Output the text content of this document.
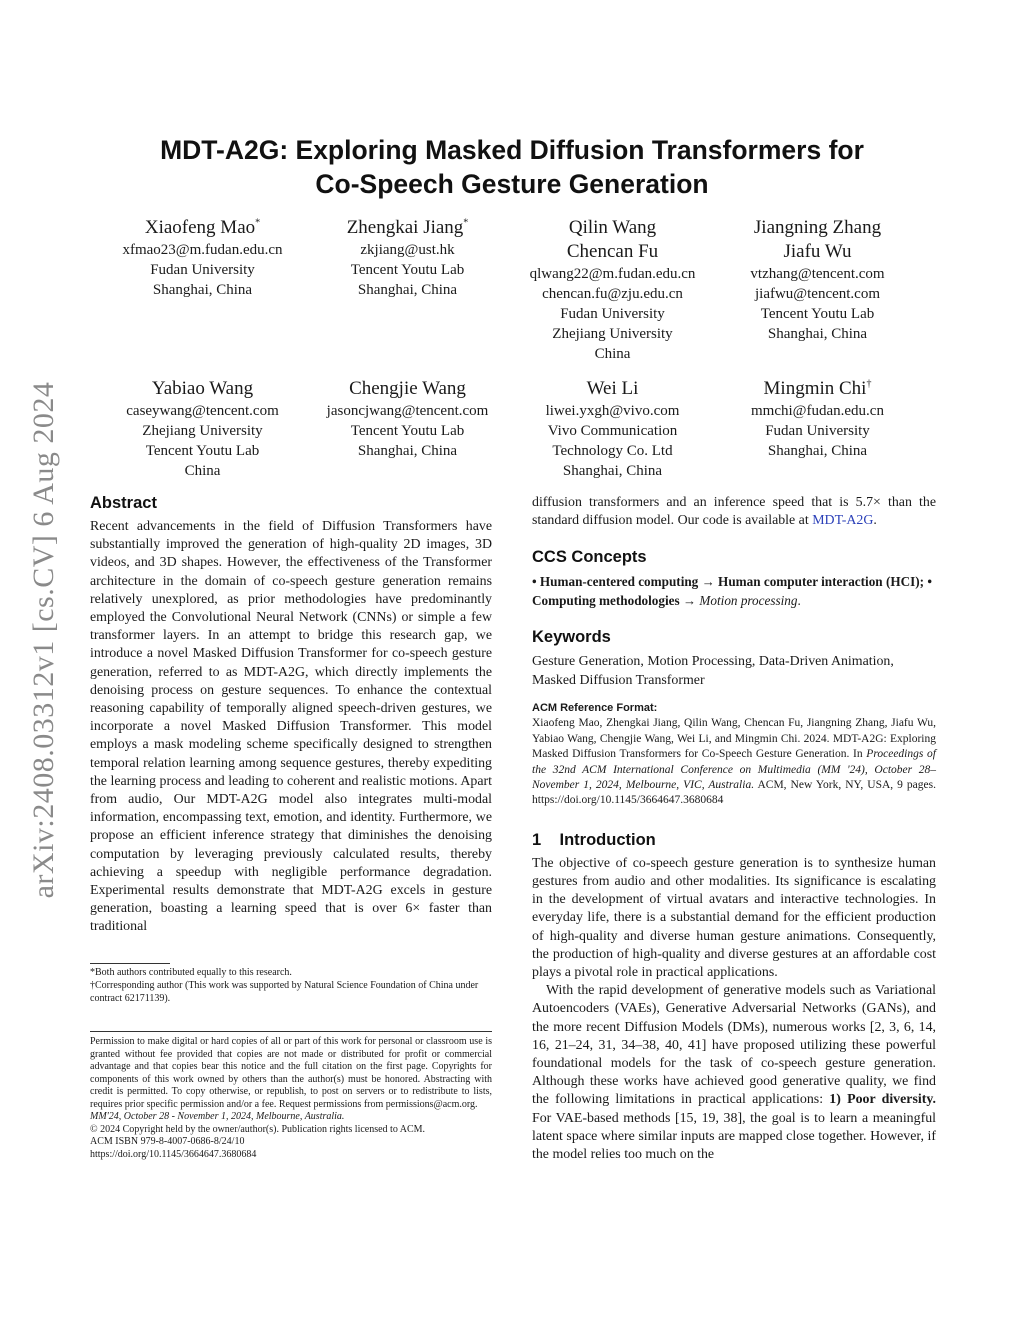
arXiv:2408.03312v1 [cs.CV] 6 Aug 2024
MDT-A2G: Exploring Masked Diffusion Transformers for
Co-Speech Gesture Generation
Xiaofeng Mao*
xfmao23@m.fudan.edu.cn
Fudan University
Shanghai, China
Zhengkai Jiang*
zkjiang@ust.hk
Tencent Youtu Lab
Shanghai, China
Qilin Wang
Chencan Fu
qlwang22@m.fudan.edu.cn
chencan.fu@zju.edu.cn
Fudan University
Zhejiang University
China
Jiangning Zhang
Jiafu Wu
vtzhang@tencent.com
jiafwu@tencent.com
Tencent Youtu Lab
Shanghai, China
Yabiao Wang
caseywang@tencent.com
Zhejiang University
Tencent Youtu Lab
China
Chengjie Wang
jasoncjwang@tencent.com
Tencent Youtu Lab
Shanghai, China
Wei Li
liwei.yxgh@vivo.com
Vivo Communication
Technology Co. Ltd
Shanghai, China
Mingmin Chi†
mmchi@fudan.edu.cn
Fudan University
Shanghai, China
Abstract

Recent advancements in the field of Diffusion Transformers have substantially improved the generation of high-quality 2D images, 3D videos, and 3D shapes. However, the effectiveness of the Transformer architecture in the domain of co-speech gesture generation remains relatively unexplored, as prior methodologies have predominantly employed the Convolutional Neural Network (CNNs) or simple a few transformer layers. In an attempt to bridge this research gap, we introduce a novel Masked Diffusion Transformer for co-speech gesture generation, referred to as MDT-A2G, which directly implements the denoising process on gesture sequences. To enhance the contextual reasoning capability of temporally aligned speech-driven gestures, we incorporate a novel Masked Diffusion Transformer. This model employs a mask modeling scheme specifically designed to strengthen temporal relation learning among sequence gestures, thereby expediting the learning process and leading to coherent and realistic motions. Apart from audio, Our MDT-A2G model also integrates multi-modal information, encompassing text, emotion, and identity. Furthermore, we propose an efficient inference strategy that diminishes the denoising computation by leveraging previously calculated results, thereby achieving a speedup with negligible performance degradation. Experimental results demonstrate that MDT-A2G excels in gesture generation, boasting a learning speed that is over 6× faster than traditional

*Both authors contributed equally to this research.
†Corresponding author (This work was supported by Natural Science Foundation of China under contract 62171139).
Permission to make digital or hard copies of all or part of this work for personal or classroom use is granted without fee provided that copies are not made or distributed for profit or commercial advantage and that copies bear this notice and the full citation on the first page. Copyrights for components of this work owned by others than the author(s) must be honored. Abstracting with credit is permitted. To copy otherwise, or republish, to post on servers or to redistribute to lists, requires prior specific permission and/or a fee. Request permissions from permissions@acm.org.
MM'24, October 28 - November 1, 2024, Melbourne, Australia.
© 2024 Copyright held by the owner/author(s). Publication rights licensed to ACM.
ACM ISBN 979-8-4007-0686-8/24/10
https://doi.org/10.1145/3664647.3680684

diffusion transformers and an inference speed that is 5.7× than the standard diffusion model. Our code is available at MDT-A2G.

CCS Concepts
• Human-centered computing → Human computer interaction (HCI); • Computing methodologies → Motion processing.
Keywords
Gesture Generation, Motion Processing, Data-Driven Animation, Masked Diffusion Transformer
ACM Reference Format:
Xiaofeng Mao, Zhengkai Jiang, Qilin Wang, Chencan Fu, Jiangning Zhang, Jiafu Wu, Yabiao Wang, Chengjie Wang, Wei Li, and Mingmin Chi. 2024. MDT-A2G: Exploring Masked Diffusion Transformers for Co-Speech Gesture Generation. In Proceedings of the 32nd ACM International Conference on Multimedia (MM '24), October 28–November 1, 2024, Melbourne, VIC, Australia. ACM, New York, NY, USA, 9 pages. https://doi.org/10.1145/3664647.3680684
1    Introduction

The objective of co-speech gesture generation is to synthesize human gestures from audio and other modalities. Its significance is escalating in the development of virtual avatars and interactive technologies. In everyday life, there is a substantial demand for the efficient production of high-quality and diverse human gesture animations. Consequently, the production of high-quality and diverse gestures at an affordable cost plays a pivotal role in practical applications.

With the rapid development of generative models such as Variational Autoencoders (VAEs), Generative Adversarial Networks (GANs), and the more recent Diffusion Models (DMs), numerous works [2, 3, 6, 14, 16, 21–24, 31, 34–38, 40, 41] have proposed utilizing these powerful foundational models for the task of co-speech gesture generation. Although these works have achieved good generative quality, we find the following limitations in practical applications: 1) Poor diversity. For VAE-based methods [15, 19, 38], the goal is to learn a meaningful latent space where similar inputs are mapped close together. However, if the model relies too much on the
